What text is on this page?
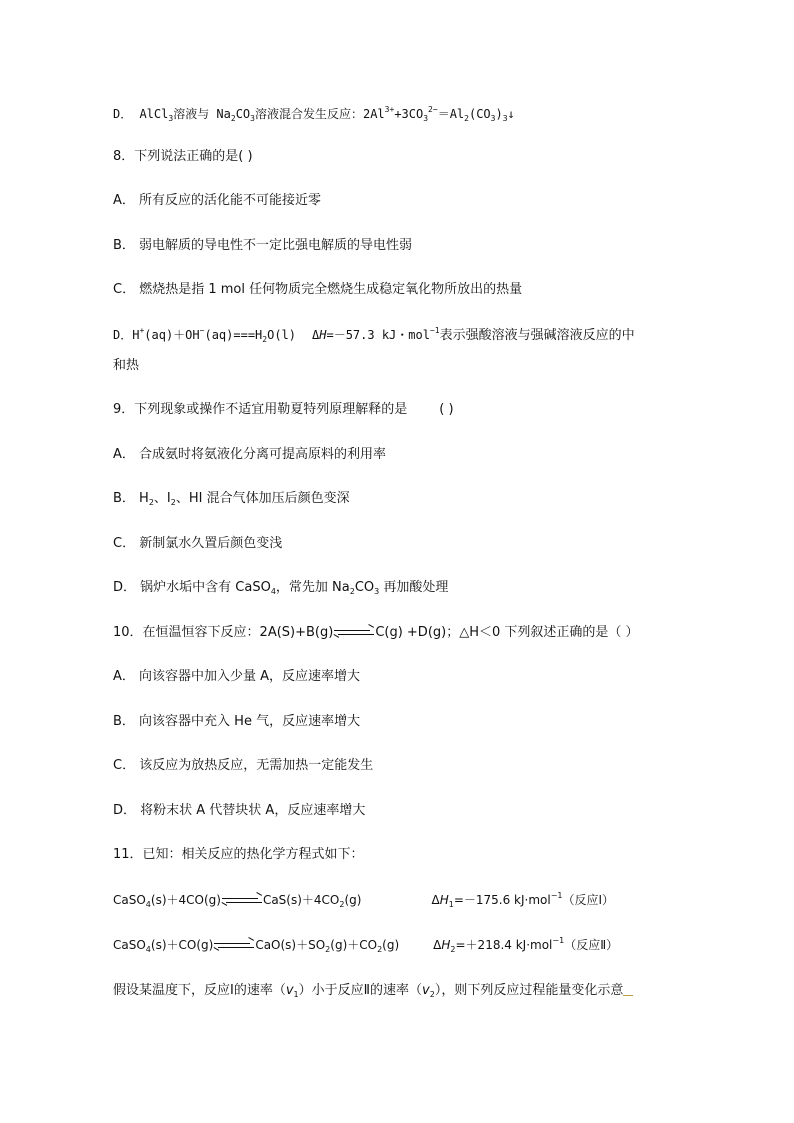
D． AlCl$_3$溶液与 $Na_2CO_3$溶液混合发生反应：$2Al^{3+}+3CO_3^{2-}=Al_2(CO_3)_3↓$
8．下列说法正确的是( )
A． 所有反应的活化能不可能接近零
B． 弱电解质的导电性不一定比强电解质的导电性弱
C． 燃烧热是指 1 mol 任何物质完全燃烧生成稳定氧化物所放出的热量
D．$H^+(aq)+OH^-(aq)===H_2O(l)$ ΔH=－57.3 kJ・mol$^{-1}$表示强酸溶液与强碱溶液反应的中
和热
9．下列现象或操作不适宜用勒夏特列原理解释的是 ( )
A． 合成氨时将氨液化分离可提高原料的利用率
B． $H_2$、$I_2$、HI 混合气体加压后颜色变深
C． 新制氯水久置后颜色变浅
D． 锅炉水垢中含有 CaSO$_4$，常先加 $Na_2CO_3$ 再加酸处理
10．在恒温恒容下反应：2A(S)+B(g)	C(g) +D(g)；△H＜0 下列叙述正确的是（ ）
A． 向该容器中加入少量 A，反应速率增大
B． 向该容器中充入 He 气，反应速率增大
C． 该反应为放热反应，无需加热一定能发生
D． 将粉末状 A 代替块状 A，反应速率增大
11．已知：相关反应的热化学方程式如下：
CaSO$_4$(s)＋4CO(g)	$CaS(s)+4CO_2(g)$	$\Delta H_1=-175.6$ kJ·mol$^{-1}$（反应Ⅰ）
CaSO$_4$(s)＋CO(g)	$CaO(s)+SO_2(g)+CO_2(g)$	$\Delta H_2=+218.4$ kJ·mol$^{-1}$（反应Ⅱ）
假设某温度下，反应Ⅰ的速率$(v_1)$小于反应Ⅱ的速率$(v_2)$，则下列反应过程能量变化示意
